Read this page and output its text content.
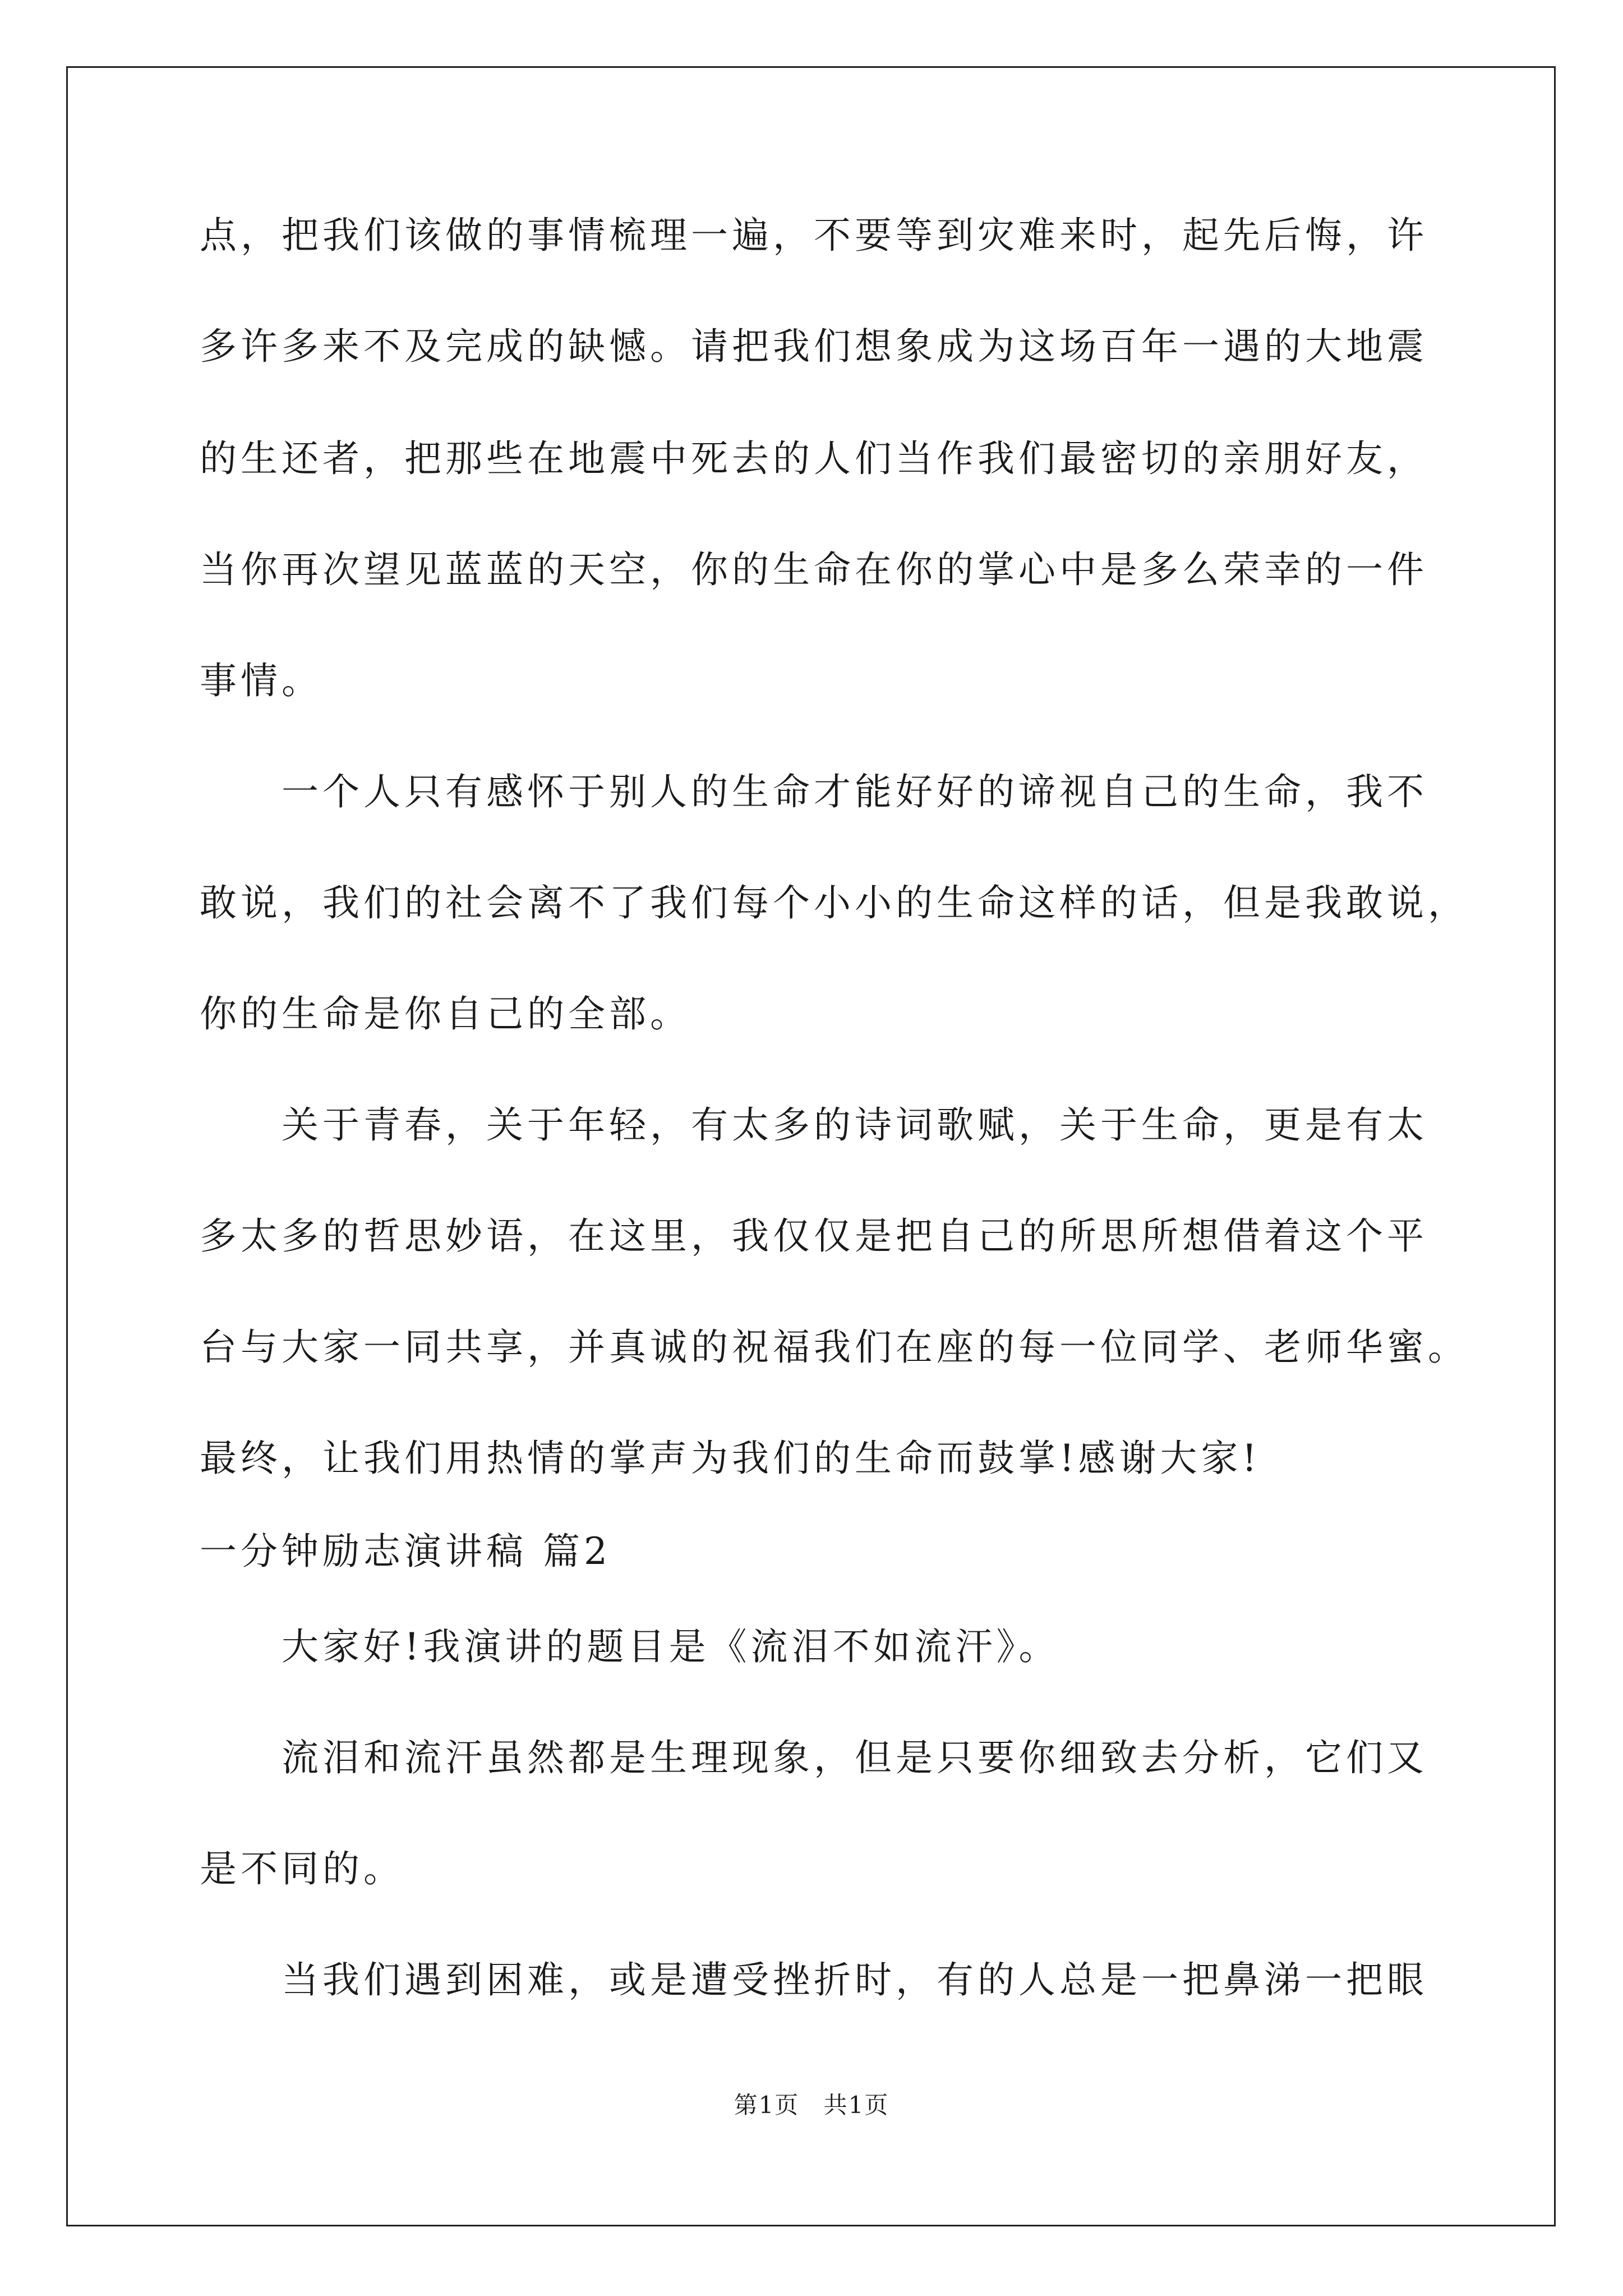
点，把我们该做的事情梳理一遍，不要等到灾难来时，起先后悔，许
多许多来不及完成的缺憾。请把我们想象成为这场百年一遇的大地震
的生还者，把那些在地震中死去的人们当作我们最密切的亲朋好友，
当你再次望见蓝蓝的天空，你的生命在你的掌心中是多么荣幸的一件
事情。
　　一个人只有感怀于别人的生命才能好好的谛视自己的生命，我不
敢说，我们的社会离不了我们每个小小的生命这样的话，但是我敢说，
你的生命是你自己的全部。
　　关于青春，关于年轻，有太多的诗词歌赋，关于生命，更是有太
多太多的哲思妙语，在这里，我仅仅是把自己的所思所想借着这个平
台与大家一同共享，并真诚的祝福我们在座的每一位同学、老师华蜜。
最终，让我们用热情的掌声为我们的生命而鼓掌!感谢大家!
一分钟励志演讲稿 篇2
　　大家好!我演讲的题目是《流泪不如流汗》。
　　流泪和流汗虽然都是生理现象，但是只要你细致去分析，它们又
是不同的。
　　当我们遇到困难，或是遭受挫折时，有的人总是一把鼻涕一把眼
第1页 共1页
